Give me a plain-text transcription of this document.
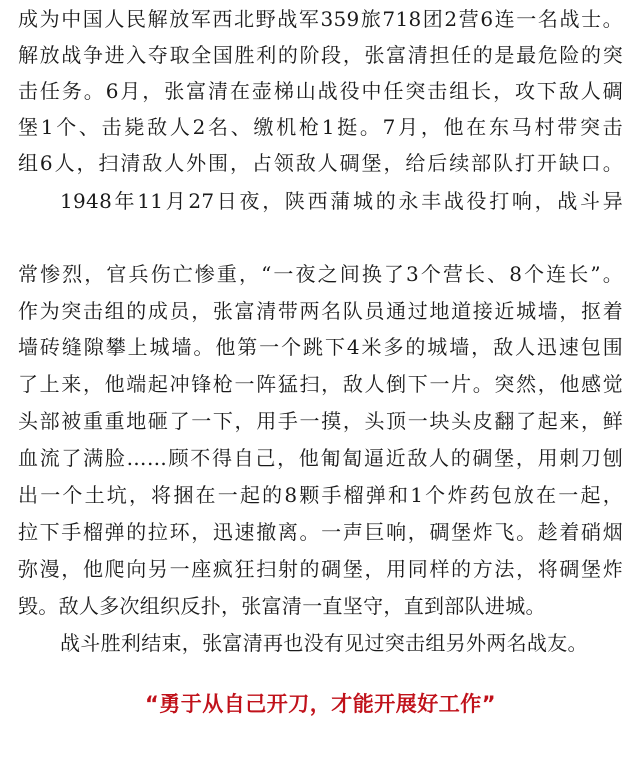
成为中国人民解放军西北野战军359旅718团2营6连一名战士。
解放战争进入夺取全国胜利的阶段，张富清担任的是最危险的突
击任务。6月，张富清在壶梯山战役中任突击组长，攻下敌人碉
堡1个、击毙敌人2名、缴机枪1挺。7月，他在东马村带突击
组6人，扫清敌人外围，占领敌人碉堡，给后续部队打开缺口。
1948年11月27日夜，陕西蒲城的永丰战役打响，战斗异
常惨烈，官兵伤亡惨重，“一夜之间换了3个营长、8个连长”。
作为突击组的成员，张富清带两名队员通过地道接近城墙，抠着
墙砖缝隙攀上城墙。他第一个跳下4米多的城墙，敌人迅速包围
了上来，他端起冲锋枪一阵猛扫，敌人倒下一片。突然，他感觉
头部被重重地砸了一下，用手一摸，头顶一块头皮翻了起来，鲜
血流了满脸……顾不得自己，他匍匐逼近敌人的碉堡，用刺刀刨
出一个土坑，将捆在一起的8颗手榴弹和1个炸药包放在一起，
拉下手榴弹的拉环，迅速撤离。一声巨响，碉堡炸飞。趁着硝烟
弥漫，他爬向另一座疯狂扫射的碉堡，用同样的方法，将碉堡炸
毁。敌人多次组织反扑，张富清一直坚守，直到部队进城。
战斗胜利结束，张富清再也没有见过突击组另外两名战友。
“勇于从自己开刀，才能开展好工作”
